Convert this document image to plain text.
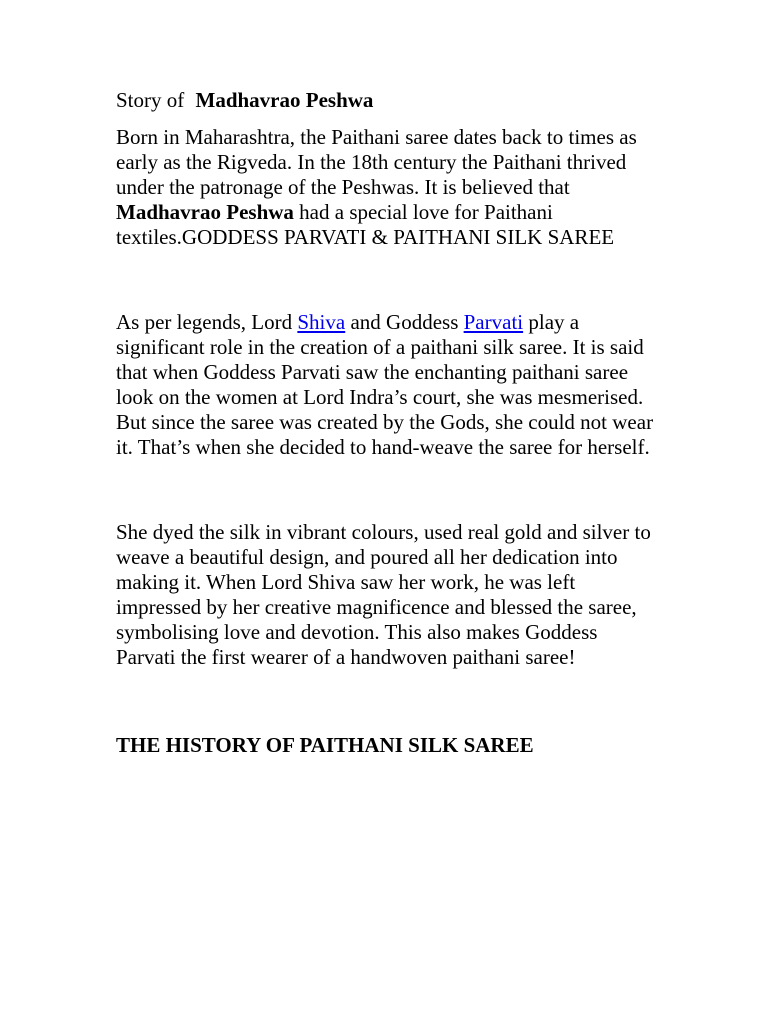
Story of Madhavrao Peshwa

Born in Maharashtra, the Paithani saree dates back to times as early as the Rigveda. In the 18th century the Paithani thrived under the patronage of the Peshwas. It is believed that Madhavrao Peshwa had a special love for Paithani textiles.GODDESS PARVATI & PAITHANI SILK SAREE

As per legends, Lord Shiva and Goddess Parvati play a significant role in the creation of a paithani silk saree. It is said that when Goddess Parvati saw the enchanting paithani saree look on the women at Lord Indra’s court, she was mesmerised. But since the saree was created by the Gods, she could not wear it. That’s when she decided to hand-weave the saree for herself.

She dyed the silk in vibrant colours, used real gold and silver to weave a beautiful design, and poured all her dedication into making it. When Lord Shiva saw her work, he was left impressed by her creative magnificence and blessed the saree, symbolising love and devotion. This also makes Goddess Parvati the first wearer of a handwoven paithani saree!

THE HISTORY OF PAITHANI SILK SAREE
